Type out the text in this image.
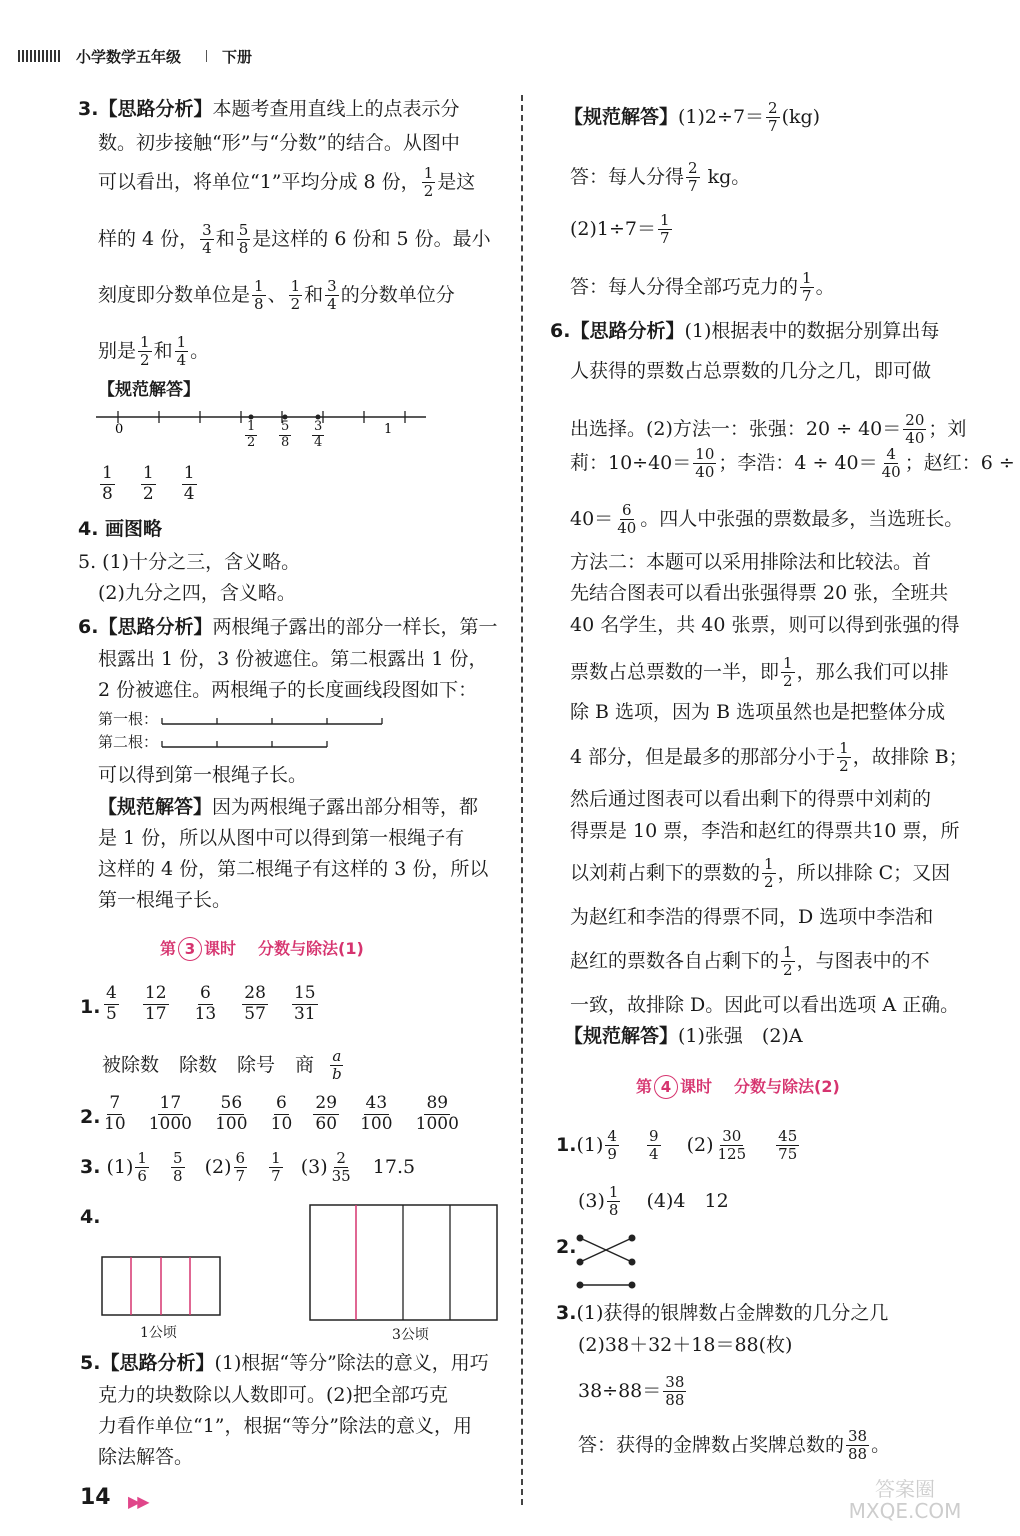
小学数学五年级	下册
3.【思路分析】本题考查用直线上的点表示分
数。初步接触“形”与“分数”的结合。从图中
可以看出，将单位“1”平均分成 8 份， $\frac{1}{2}$ 是这
样的 4 份， $\frac{3}{4}$ 和 $\frac{5}{8}$ 是这样的 6 份和 5 份。最小
刻度即分数单位是 $\frac{1}{8}$ 、 $\frac{1}{2}$ 和 $\frac{3}{4}$ 的分数单位分
别是 $\frac{1}{2}$ 和 $\frac{1}{4}$ 。
【规范解答】
0	1
$\frac{1}{2} \frac{5}{8} \frac{3}{4}$
$\frac{1}{8}$
$\frac{1}{2}$
$\frac{1}{4}$
4. 画图略
5. (1)十分之三，含义略。
(2)九分之四，含义略。
6.【思路分析】两根绳子露出的部分一样长，第一
根露出 1 份，3 份被遮住。第二根露出 1 份，
2 份被遮住。两根绳子的长度画线段图如下：
第一根：
第二根：
可以得到第一根绳子长。
【规范解答】因为两根绳子露出部分相等，都
是 1 份，所以从图中可以得到第一根绳子有
这样的 4 份，第二根绳子有这样的 3 份，所以
第一根绳子长。
第 3 课时 分数与除法(1)
1. $\frac{4}{5}$
$\frac{12}{17}$
$\frac{6}{13}$
$\frac{28}{57}$
$\frac{15}{31}$
被除数 除数 除号 商 $\frac{a}{b}$
2. $\frac{7}{10}$
$\frac{17}{1000}$
$\frac{56}{100}$
$\frac{6}{10}$
$\frac{29}{60}$
$\frac{43}{100}$
$\frac{89}{1000}$
3. $(1) \frac{1}{6}$
$\frac{5}{8} (2) \frac{6}{7}$
$\frac{1}{7} (3) \frac{2}{35} 17.5$
4.
1公顷	3公顷
5.【思路分析】(1)根据“等分”除法的意义，用巧
克力的块数除以人数即可。(2)把全部巧克
力看作单位“1”，根据“等分”除法的意义，用
除法解答。
【规范解答】$(1)2\div 7= \frac{2}{7} (kg)$
答：每人分得 $\frac{2}{7}$ kg。
$(2)1\div 7= \frac{1}{7}$
答：每人分得全部巧克力的 $\frac{1}{7}$ 。
6.【思路分析】(1)根据表中的数据分别算出每
人获得的票数占总票数的几分之几，即可做
出选择。(2)方法一：张强：$20 \div 40= \frac{20}{40}$ ；刘
莉：$10\div 40= \frac{10}{40}$ ；李浩：$4 \div 40= \frac{4}{40}$ ；赵红：6 ÷
$40= \frac{6}{40}$ 。四人中张强的票数最多，当选班长。
方法二：本题可以采用排除法和比较法。首
先结合图表可以看出张强得票 20 张，全班共
40 名学生，共 40 张票，则可以得到张强的得
票数占总票数的一半，即 $\frac{1}{2}$ ，那么我们可以排
除 B 选项，因为 B 选项虽然也是把整体分成
4 部分，但是最多的那部分小于 $\frac{1}{2}$ ，故排除 B；
然后通过图表可以看出剩下的得票中刘莉的
得票是 10 票，李浩和赵红的得票共10 票，所
以刘莉占剩下的票数的 $\frac{1}{2}$ ，所以排除 C；又因
为赵红和李浩的得票不同，D 选项中李浩和
赵红的票数各自占剩下的 $\frac{1}{2}$ ，与图表中的不
一致，故排除 D。因此可以看出选项 A 正确。
【规范解答】(1)张强　(2)A
第 4 课时 分数与除法(2)
$1.(1) \frac{4}{9}$
$\frac{9}{4} (2) \frac{30}{125}$
$\frac{45}{75}$
$(3) \frac{1}{8} (4)4$　12
2.
3.(1)获得的银牌数占金牌数的几分之几
(2)38＋32＋18＝88(枚)
$38\div 88= \frac{38}{88}$
答：获得的金牌数占奖牌总数的 $\frac{38}{88}$ 。
14 ▶▶
答案圈 MXQE.COM
